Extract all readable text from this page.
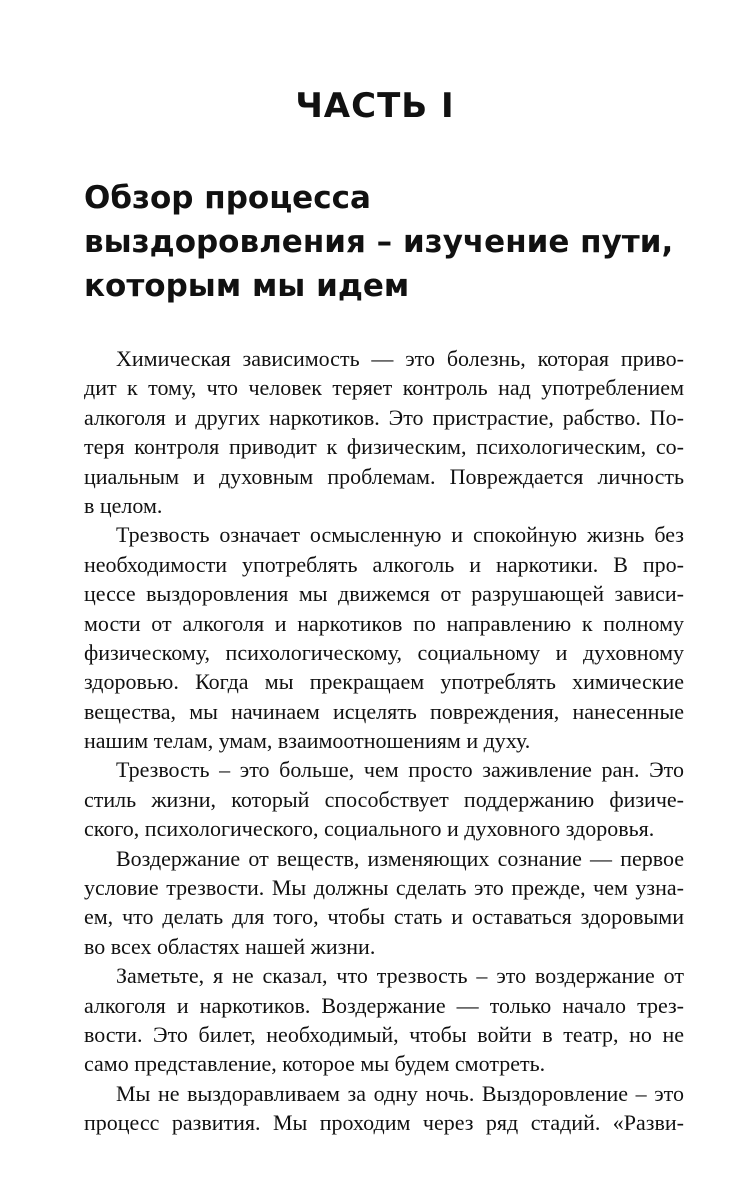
ЧАСТЬ I
Обзор процесса
выздоровления – изучение пути,
которым мы идем

Химическая зависимость — это болезнь, которая приво-
дит к тому, что человек теряет контроль над употреблением
алкоголя и других наркотиков. Это пристрастие, рабство. По-
теря контроля приводит к физическим, психологическим, со-
циальным и духовным проблемам. Повреждается личность
в целом.

Трезвость означает осмысленную и спокойную жизнь без
необходимости употреблять алкоголь и наркотики. В про-
цессе выздоровления мы движемся от разрушающей зависи-
мости от алкоголя и наркотиков по направлению к полному
физическому, психологическому, социальному и духовному
здоровью. Когда мы прекращаем употреблять химические
вещества, мы начинаем исцелять повреждения, нанесенные
нашим телам, умам, взаимоотношениям и духу.

Трезвость – это больше, чем просто заживление ран. Это
стиль жизни, который способствует поддержанию физиче-
ского, психологического, социального и духовного здоровья.

Воздержание от веществ, изменяющих сознание — первое
условие трезвости. Мы должны сделать это прежде, чем узна-
ем, что делать для того, чтобы стать и оставаться здоровыми
во всех областях нашей жизни.

Заметьте, я не сказал, что трезвость – это воздержание от
алкоголя и наркотиков. Воздержание — только начало трез-
вости. Это билет, необходимый, чтобы войти в театр, но не
само представление, которое мы будем смотреть.

Мы не выздоравливаем за одну ночь. Выздоровление – это
процесс развития. Мы проходим через ряд стадий. «Разви-
